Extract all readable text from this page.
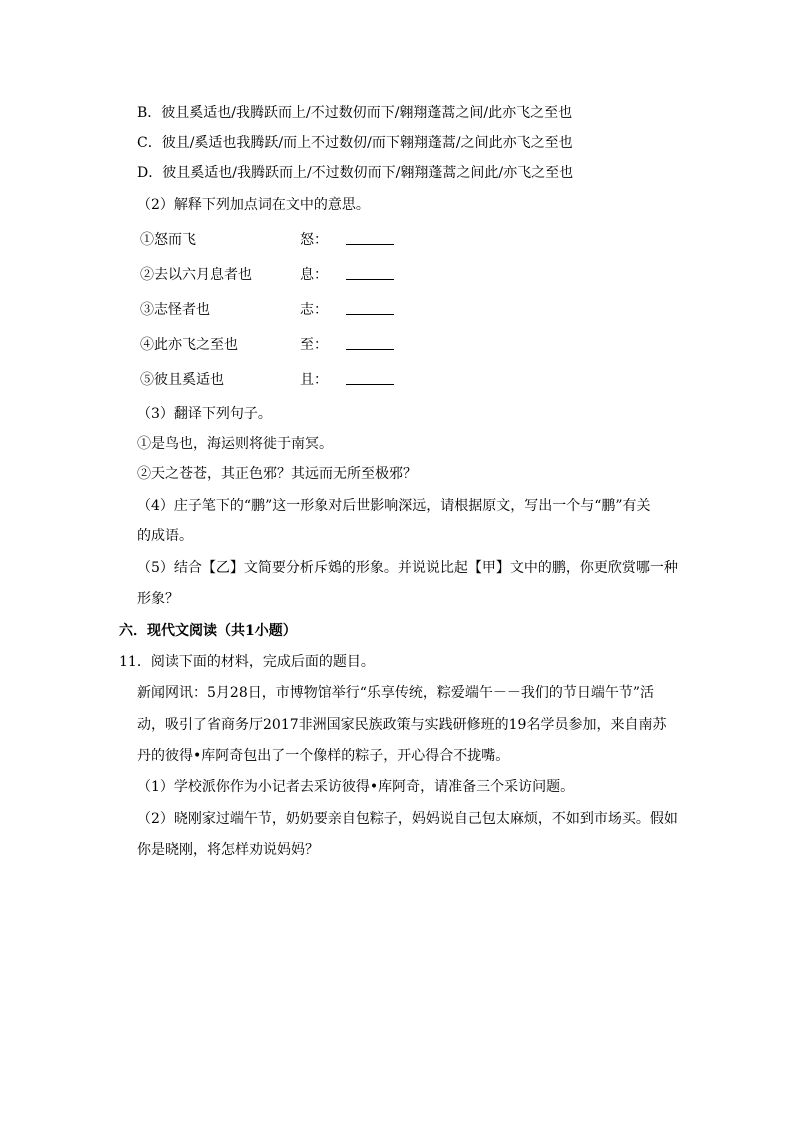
B．彼且奚适也/我腾跃而上/不过数仞而下/翱翔蓬蒿之间/此亦飞之至也
C．彼且/奚适也我腾跃/而上不过数仞/而下翱翔蓬蒿/之间此亦飞之至也
D．彼且奚适也/我腾跃而上/不过数仞而下/翱翔蓬蒿之间此/亦飞之至也
（2）解释下列加点词在文中的意思。
①怒而飞	怒：
②去以六月息者也	息：
③志怪者也	志：
④此亦飞之至也	至：
⑤彼且奚适也	且：
（3）翻译下列句子。
①是鸟也，海运则将徙于南冥。
②天之苍苍，其正色邪？其远而无所至极邪？
（4）庄子笔下的“鹏”这一形象对后世影响深远，请根据原文，写出一个与“鹏”有关
的成语。
（5）结合【乙】文简要分析斥鴳的形象。并说说比起【甲】文中的鹏，你更欣赏哪一种
形象？
六．现代文阅读（共1小题）
11．阅读下面的材料，完成后面的题目。
新闻网讯：5月28日，市博物馆举行“乐享传统，粽爱端午－－我们的节日端午节”活
动，吸引了省商务厅2017非洲国家民族政策与实践研修班的19名学员参加，来自南苏
丹的彼得•库阿奇包出了一个像样的粽子，开心得合不拢嘴。
（1）学校派你作为小记者去采访彼得•库阿奇，请准备三个采访问题。
（2）晓刚家过端午节，奶奶要亲自包粽子，妈妈说自己包太麻烦，不如到市场买。假如
你是晓刚，将怎样劝说妈妈？
